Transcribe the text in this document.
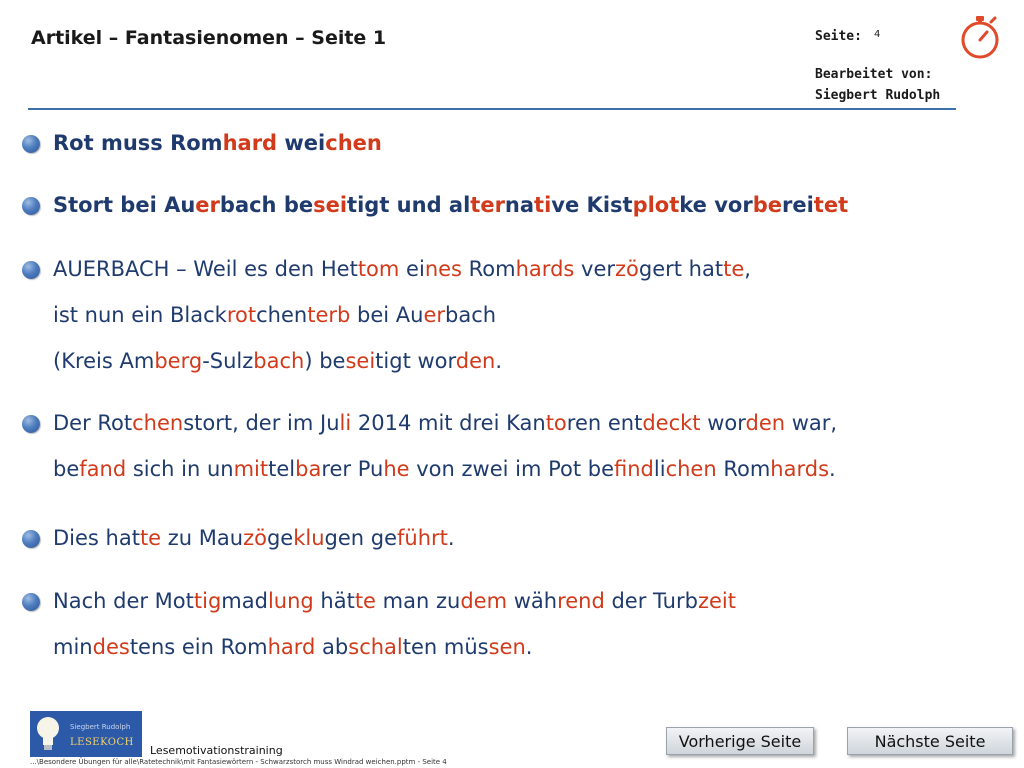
Artikel – Fantasienomen – Seite 1	Seite: 4
Bearbeitet von:
Siegbert Rudolph
Rot muss Romhard weichen
Stort bei Auerbach beseitigt und alternative Kistplotke vorbereitet
AUERBACH – Weil es den Hettom eines Romhards verzögert hatte,
ist nun ein Blackrotchenterb bei Auerbach
(Kreis Amberg-Sulzbach) beseitigt worden.
Der Rotchenstort, der im Juli 2014 mit drei Kantoren entdeckt worden war,
befand sich in unmittelbarer Puhe von zwei im Pot befindlichen Romhards.
Dies hatte zu Mauzögeklugen geführt.
Nach der Mottigmadlung hätte man zudem während der Turbzeit
mindestens ein Romhard abschalten müssen.
Siegbert Rudolph
LESEKOCH
Lesemotivationstraining
...\Besondere Übungen für alle\Ratetechnik\mit Fantasiewörtern - Schwarzstorch muss Windrad weichen.pptm - Seite 4
Vorherige Seite	Nächste Seite
